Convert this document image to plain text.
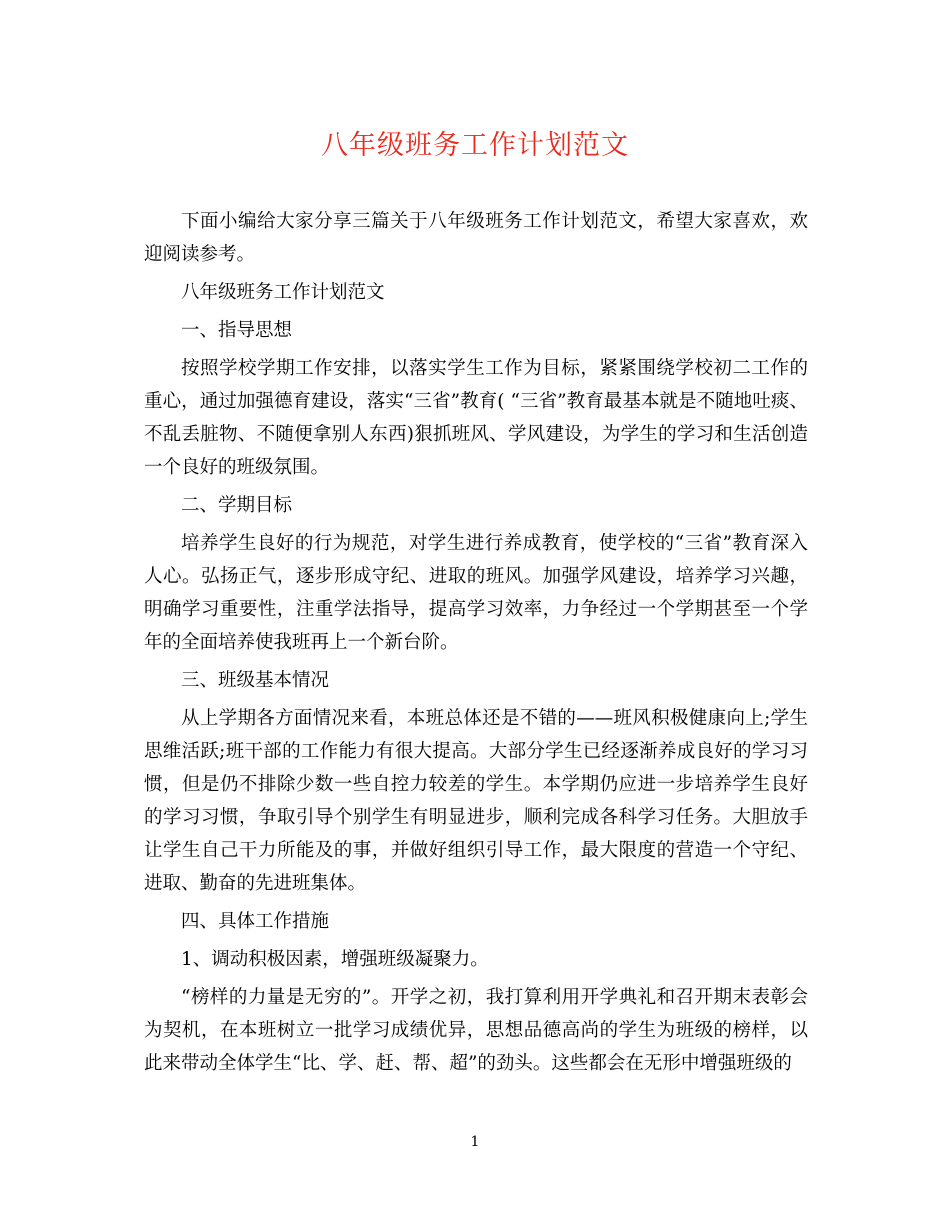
八年级班务工作计划范文

下面小编给大家分享三篇关于八年级班务工作计划范文，希望大家喜欢，欢迎阅读参考。

八年级班务工作计划范文

一、指导思想

按照学校学期工作安排，以落实学生工作为目标，紧紧围绕学校初二工作的重心，通过加强德育建设，落实“三省”教育( “三省”教育最基本就是不随地吐痰、不乱丢脏物、不随便拿别人东西)狠抓班风、学风建设，为学生的学习和生活创造一个良好的班级氛围。

二、学期目标

培养学生良好的行为规范，对学生进行养成教育，使学校的“三省”教育深入人心。弘扬正气，逐步形成守纪、进取的班风。加强学风建设，培养学习兴趣，明确学习重要性，注重学法指导，提高学习效率，力争经过一个学期甚至一个学年的全面培养使我班再上一个新台阶。

三、班级基本情况

从上学期各方面情况来看，本班总体还是不错的——班风积极健康向上;学生思维活跃;班干部的工作能力有很大提高。大部分学生已经逐渐养成良好的学习习惯，但是仍不排除少数一些自控力较差的学生。本学期仍应进一步培养学生良好的学习习惯，争取引导个别学生有明显进步，顺利完成各科学习任务。大胆放手让学生自己干力所能及的事，并做好组织引导工作，最大限度的营造一个守纪、进取、勤奋的先进班集体。

四、具体工作措施

1、调动积极因素，增强班级凝聚力。

“榜样的力量是无穷的”。开学之初，我打算利用开学典礼和召开期末表彰会为契机，在本班树立一批学习成绩优异，思想品德高尚的学生为班级的榜样，以此来带动全体学生“比、学、赶、帮、超”的劲头。这些都会在无形中增强班级的

1
